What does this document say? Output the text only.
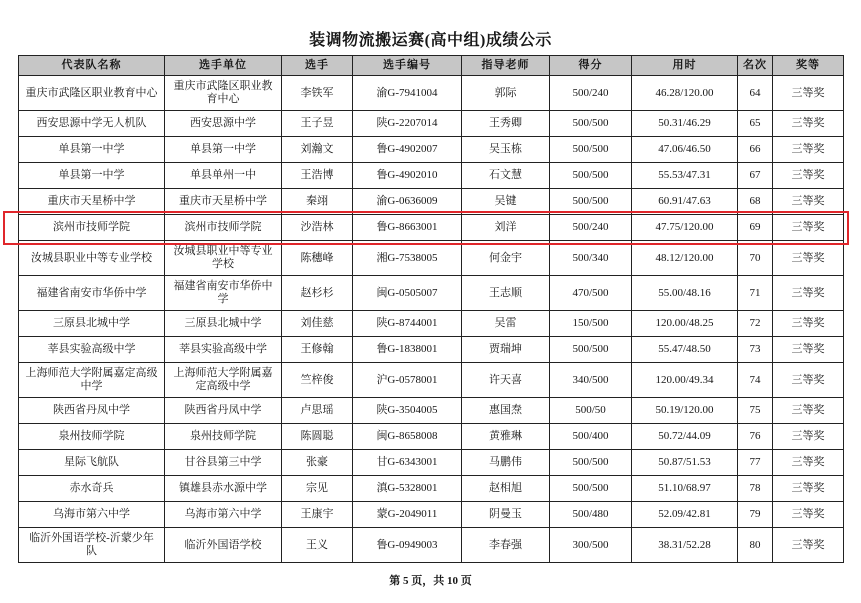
装调物流搬运赛(高中组)成绩公示
代表队名称	选手单位	选手	选手编号	指导老师	得分	用时	名次	奖等
重庆市武隆区职业教育中心	重庆市武隆区职业教育中心	李铁军	渝G-7941004	郭际	500/240	46.28/120.00	64	三等奖
西安思源中学无人机队	西安思源中学	王子昱	陕G-2207014	王秀卿	500/500	50.31/46.29	65	三等奖
单县第一中学	单县第一中学	刘瀚文	鲁G-4902007	吴玉栋	500/500	47.06/46.50	66	三等奖
单县第一中学	单县单州一中	王浩博	鲁G-4902010	石文慧	500/500	55.53/47.31	67	三等奖
重庆市天星桥中学	重庆市天星桥中学	秦翊	渝G-0636009	吴键	500/500	60.91/47.63	68	三等奖
滨州市技师学院	滨州市技师学院	沙浩林	鲁G-8663001	刘洋	500/240	47.75/120.00	69	三等奖
汝城县职业中等专业学校	汝城县职业中等专业学校	陈穗峰	湘G-7538005	何金宇	500/340	48.12/120.00	70	三等奖
福建省南安市华侨中学	福建省南安市华侨中学	赵杉杉	闽G-0505007	王志顺	470/500	55.00/48.16	71	三等奖
三原县北城中学	三原县北城中学	刘佳慈	陕G-8744001	吴雷	150/500	120.00/48.25	72	三等奖
莘县实验高级中学	莘县实验高级中学	王修翰	鲁G-1838001	贾瑞坤	500/500	55.47/48.50	73	三等奖
上海师范大学附属嘉定高级中学	上海师范大学附属嘉定高级中学	竺梓俊	沪G-0578001	许天喜	340/500	120.00/49.34	74	三等奖
陕西省丹凤中学	陕西省丹凤中学	卢思瑶	陕G-3504005	惠国焘	500/50	50.19/120.00	75	三等奖
泉州技师学院	泉州技师学院	陈圆聪	闽G-8658008	黄雅琳	500/400	50.72/44.09	76	三等奖
星际飞航队	甘谷县第三中学	张豪	甘G-6343001	马鹏伟	500/500	50.87/51.53	77	三等奖
赤水奇兵	镇雄县赤水源中学	宗见	滇G-5328001	赵相旭	500/500	51.10/68.97	78	三等奖
乌海市第六中学	乌海市第六中学	王康宇	蒙G-2049011	阴曼玉	500/480	52.09/42.81	79	三等奖
临沂外国语学校-沂蒙少年队	临沂外国语学校	王义	鲁G-0949003	李春强	300/500	38.31/52.28	80	三等奖
第 5 页，共 10 页
